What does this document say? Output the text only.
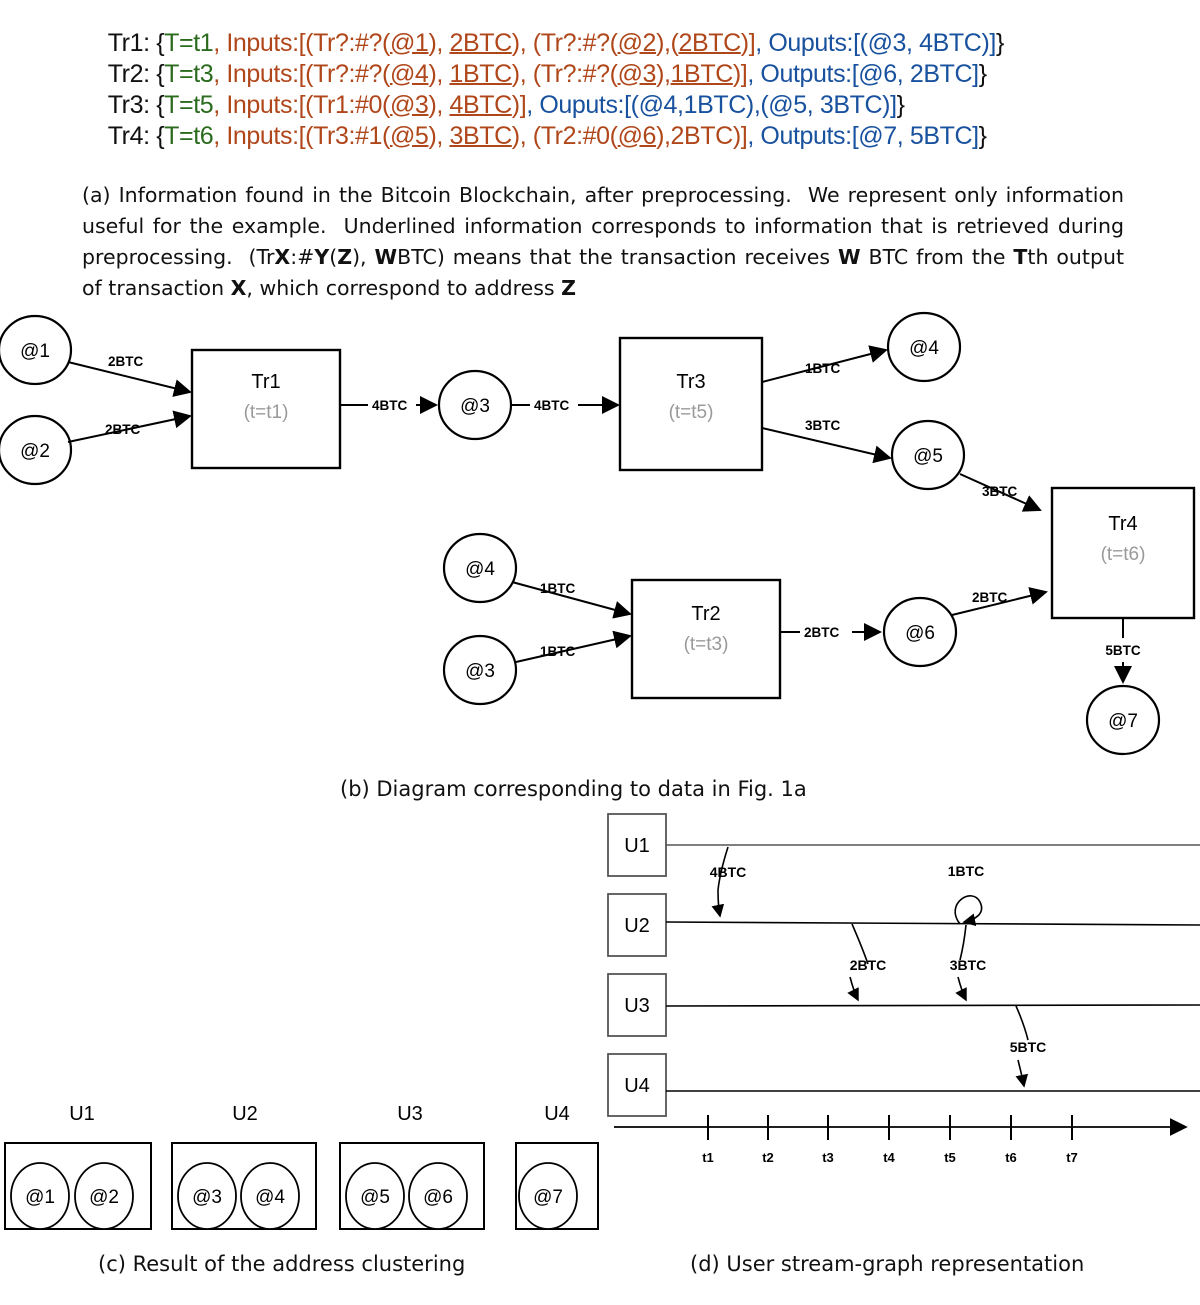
Tr1: {T=t1, Inputs:[(Tr?:#?(@1), 2BTC), (Tr?:#?(@2),(2BTC)], Ouputs:[(@3, 4BTC)]}

Tr2: {T=t3, Inputs:[(Tr?:#?(@4), 1BTC), (Tr?:#?(@3),1BTC)], Outputs:[@6, 2BTC]}

Tr3: {T=t5, Inputs:[(Tr1:#0(@3), 4BTC)], Ouputs:[(@4,1BTC),(@5, 3BTC)]}

Tr4: {T=t6, Inputs:[(Tr3:#1(@5), 3BTC), (Tr2:#0(@6),2BTC)], Outputs:[@7, 5BTC]}

(a) Information found in the Bitcoin Blockchain, after preprocessing.  We represent only information useful for the example.  Underlined information corresponds to information that is retrieved during preprocessing.  (TrX:#Y(Z), WBTC) means that the transaction receives W BTC from the Tth output of transaction X, which correspond to address Z
@1
@2
2BTC
2BTC
Tr1
(t=t1)	4BTC	@3	4BTC
Tr3
(t=t5)
1BTC
@4
3BTC
@5
3BTC
Tr4
(t=t6)
5BTC
@7
@4
@3
1BTC
1BTC
Tr2
(t=t3)
2BTC	@6
2BTC
(b) Diagram corresponding to data in Fig. 1a
U1
U2
U3
U4
4BTC
2BTC
1BTC
3BTC
5BTC
t1	t2	t3	t4	t5	t6	t7
U1
@1 @2
U2
@3 @4
U3
@5 @6
U4
@7
(c) Result of the address clustering	(d) User stream-graph representation
